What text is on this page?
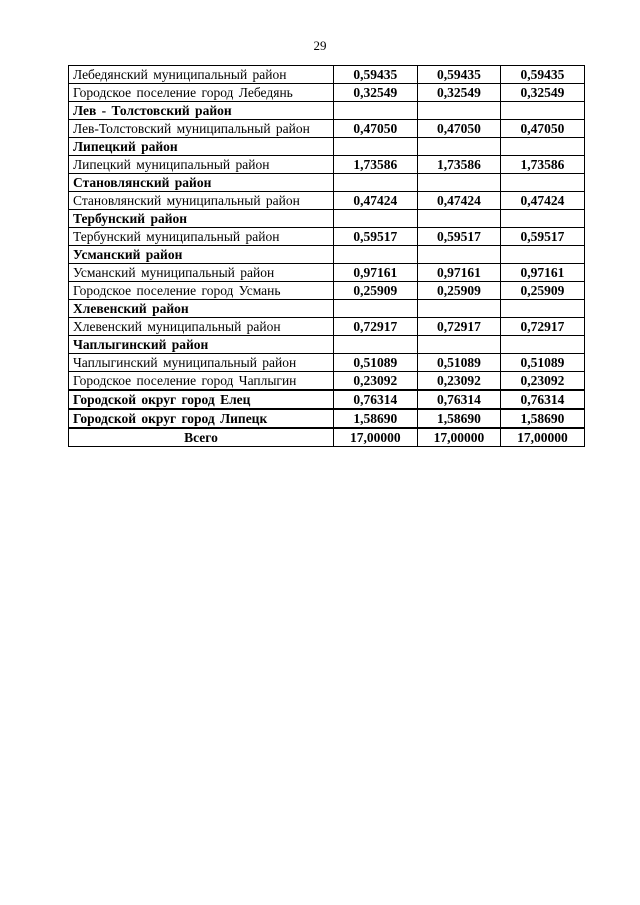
29
Лебедянский муниципальный район	0,59435	0,59435	0,59435
Городское поселение город Лебедянь	0,32549	0,32549	0,32549
Лев - Толстовский район			
Лев-Толстовский муниципальный район	0,47050	0,47050	0,47050
Липецкий район			
Липецкий муниципальный район	1,73586	1,73586	1,73586
Становлянский район			
Становлянский муниципальный район	0,47424	0,47424	0,47424
Тербунский район			
Тербунский муниципальный район	0,59517	0,59517	0,59517
Усманский район			
Усманский муниципальный район	0,97161	0,97161	0,97161
Городское поселение город Усмань	0,25909	0,25909	0,25909
Хлевенский район			
Хлевенский муниципальный район	0,72917	0,72917	0,72917
Чаплыгинский район			
Чаплыгинский муниципальный район	0,51089	0,51089	0,51089
Городское поселение город Чаплыгин	0,23092	0,23092	0,23092
Городской округ город Елец	0,76314	0,76314	0,76314
Городской округ город Липецк	1,58690	1,58690	1,58690
Всего	17,00000	17,00000	17,00000
